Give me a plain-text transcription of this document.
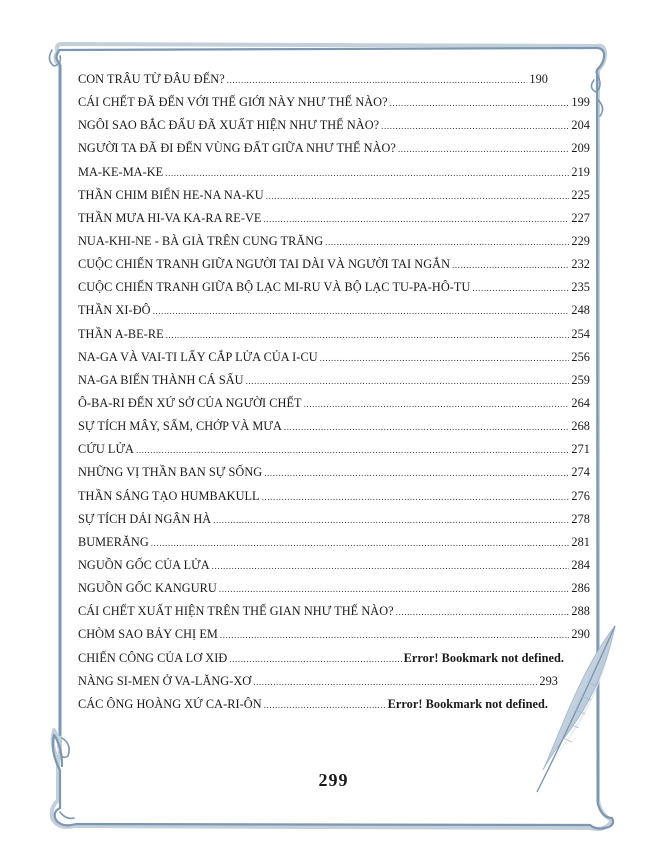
CON TRÂU TỪ ĐÂU ĐẾN? .....	190
CÁI CHẾT ĐÃ ĐẾN VỚI THẾ GIỚI NÀY NHƯ THẾ NÀO? .....	199
NGÔI SAO BẮC ĐẨU ĐÃ XUẤT HIỆN NHƯ THẾ NÀO? .....	204
NGƯỜI TA ĐÃ ĐI ĐẾN VÙNG ĐẤT GIỮA NHƯ THẾ NÀO? .....	209
MA-KE-MA-KE .....	219
THẦN CHIM BIỂN HE-NA NA-KU .....	225
THẦN MƯA HI-VA KA-RA RE-VE .....	227
NUA-KHI-NE - BÀ GIÀ TRÊN CUNG TRĂNG .....	229
CUỘC CHIẾN TRANH GIỮA NGƯỜI TAI DÀI VÀ NGƯỜI TAI NGẮN .....	232
CUỘC CHIẾN TRANH GIỮA BỘ LẠC MI-RU VÀ BỘ LẠC TU-PA-HÔ-TU .....	235
THẦN XI-ĐÔ .....	248
THẦN A-BE-RE .....	254
NA-GA VÀ VAI-TI LẤY CẮP LỬA CỦA I-CU .....	256
NA-GA BIẾN THÀNH CÁ SẤU .....	259
Ô-BA-RI ĐẾN XỨ SỞ CỦA NGƯỜI CHẾT .....	264
SỰ TÍCH MÂY, SẤM, CHỚP VÀ MƯA .....	268
CỨU LỬA .....	271
NHỮNG VỊ THẦN BAN SỰ SỐNG .....	274
THẦN SÁNG TẠO HUMBAKULL .....	276
SỰ TÍCH DẢI NGÂN HÀ .....	278
BUMERĂNG .....	281
NGUỒN GỐC CỦA LỬA .....	284
NGUỒN GỐC KANGURU .....	286
CÁI CHẾT XUẤT HIỆN TRÊN THẾ GIAN NHƯ THẾ NÀO? .....	288
CHÒM SAO BẢY CHỊ EM .....	290
CHIẾN CÔNG CỦA LƠ XIĐ .....	Error! Bookmark not defined.
NÀNG SI-MEN Ở VA-LĂNG-XƠ .....	293
CÁC ÔNG HOÀNG XỨ CA-RI-ÔN .....	Error! Bookmark not defined.
299
